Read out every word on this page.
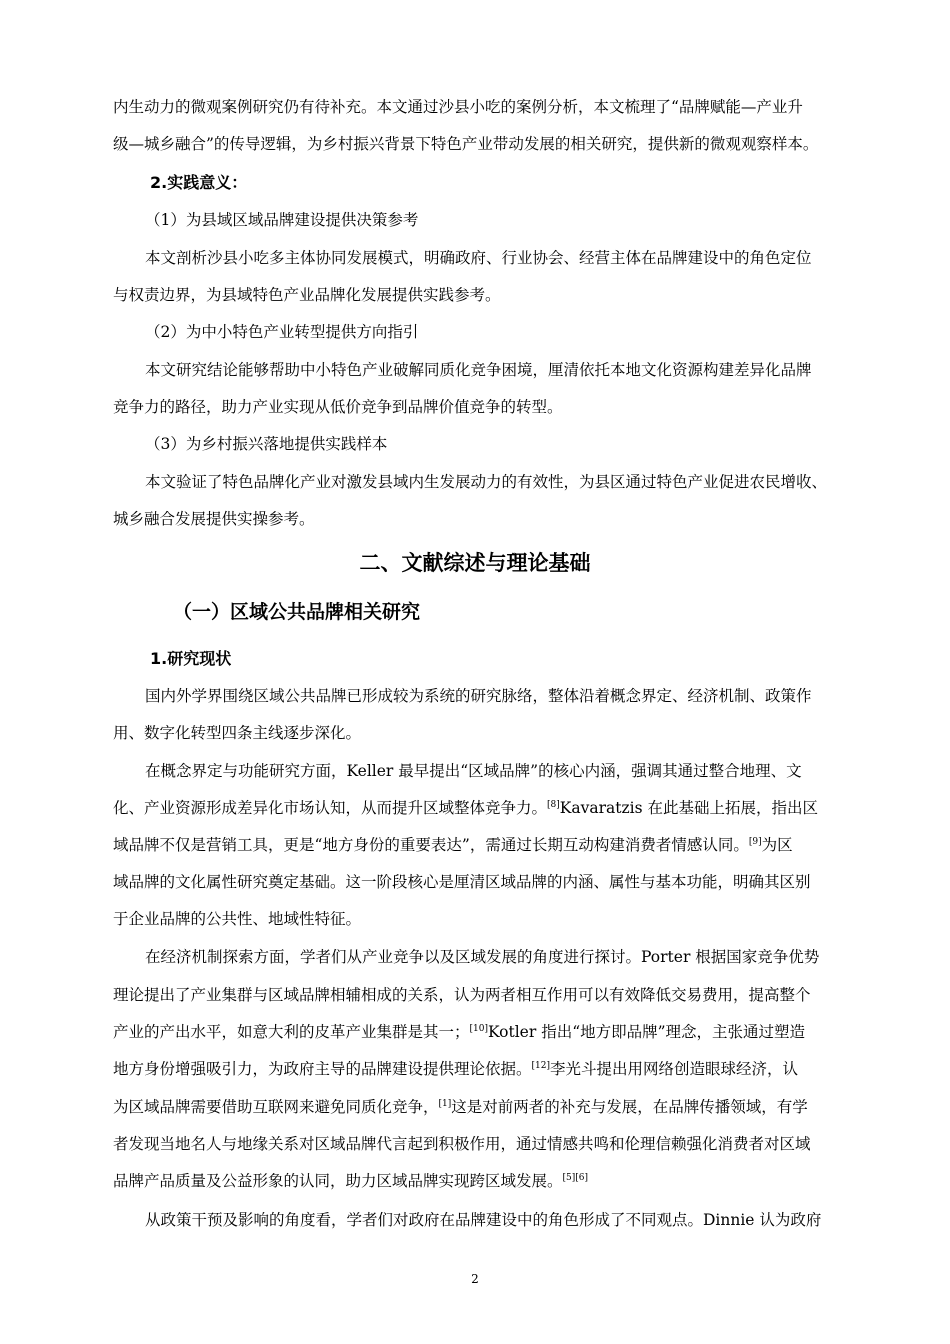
内生动力的微观案例研究仍有待补充。本文通过沙县小吃的案例分析，本文梳理了“品牌赋能—产业升
级—城乡融合”的传导逻辑，为乡村振兴背景下特色产业带动发展的相关研究，提供新的微观观察样本。
2.实践意义：
（1）为县域区域品牌建设提供决策参考
本文剖析沙县小吃多主体协同发展模式，明确政府、行业协会、经营主体在品牌建设中的角色定位
与权责边界，为县域特色产业品牌化发展提供实践参考。
（2）为中小特色产业转型提供方向指引
本文研究结论能够帮助中小特色产业破解同质化竞争困境，厘清依托本地文化资源构建差异化品牌
竞争力的路径，助力产业实现从低价竞争到品牌价值竞争的转型。
（3）为乡村振兴落地提供实践样本
本文验证了特色品牌化产业对激发县域内生发展动力的有效性，为县区通过特色产业促进农民增收、
城乡融合发展提供实操参考。
二、文献综述与理论基础
（一）区域公共品牌相关研究
1.研究现状
国内外学界围绕区域公共品牌已形成较为系统的研究脉络，整体沿着概念界定、经济机制、政策作
用、数字化转型四条主线逐步深化。
在概念界定与功能研究方面，Keller 最早提出“区域品牌”的核心内涵，强调其通过整合地理、文
化、产业资源形成差异化市场认知，从而提升区域整体竞争力。[8]Kavaratzis 在此基础上拓展，指出区
域品牌不仅是营销工具，更是“地方身份的重要表达”，需通过长期互动构建消费者情感认同。[9]为区
域品牌的文化属性研究奠定基础。这一阶段核心是厘清区域品牌的内涵、属性与基本功能，明确其区别
于企业品牌的公共性、地域性特征。
在经济机制探索方面，学者们从产业竞争以及区域发展的角度进行探讨。Porter 根据国家竞争优势
理论提出了产业集群与区域品牌相辅相成的关系，认为两者相互作用可以有效降低交易费用，提高整个
产业的产出水平，如意大利的皮革产业集群是其一；[10]Kotler 指出“地方即品牌”理念，主张通过塑造
地方身份增强吸引力，为政府主导的品牌建设提供理论依据。[12]李光斗提出用网络创造眼球经济，认
为区域品牌需要借助互联网来避免同质化竞争，[1]这是对前两者的补充与发展，在品牌传播领域，有学
者发现当地名人与地缘关系对区域品牌代言起到积极作用，通过情感共鸣和伦理信赖强化消费者对区域
品牌产品质量及公益形象的认同，助力区域品牌实现跨区域发展。[5][6]
从政策干预及影响的角度看，学者们对政府在品牌建设中的角色形成了不同观点。Dinnie 认为政府
2
